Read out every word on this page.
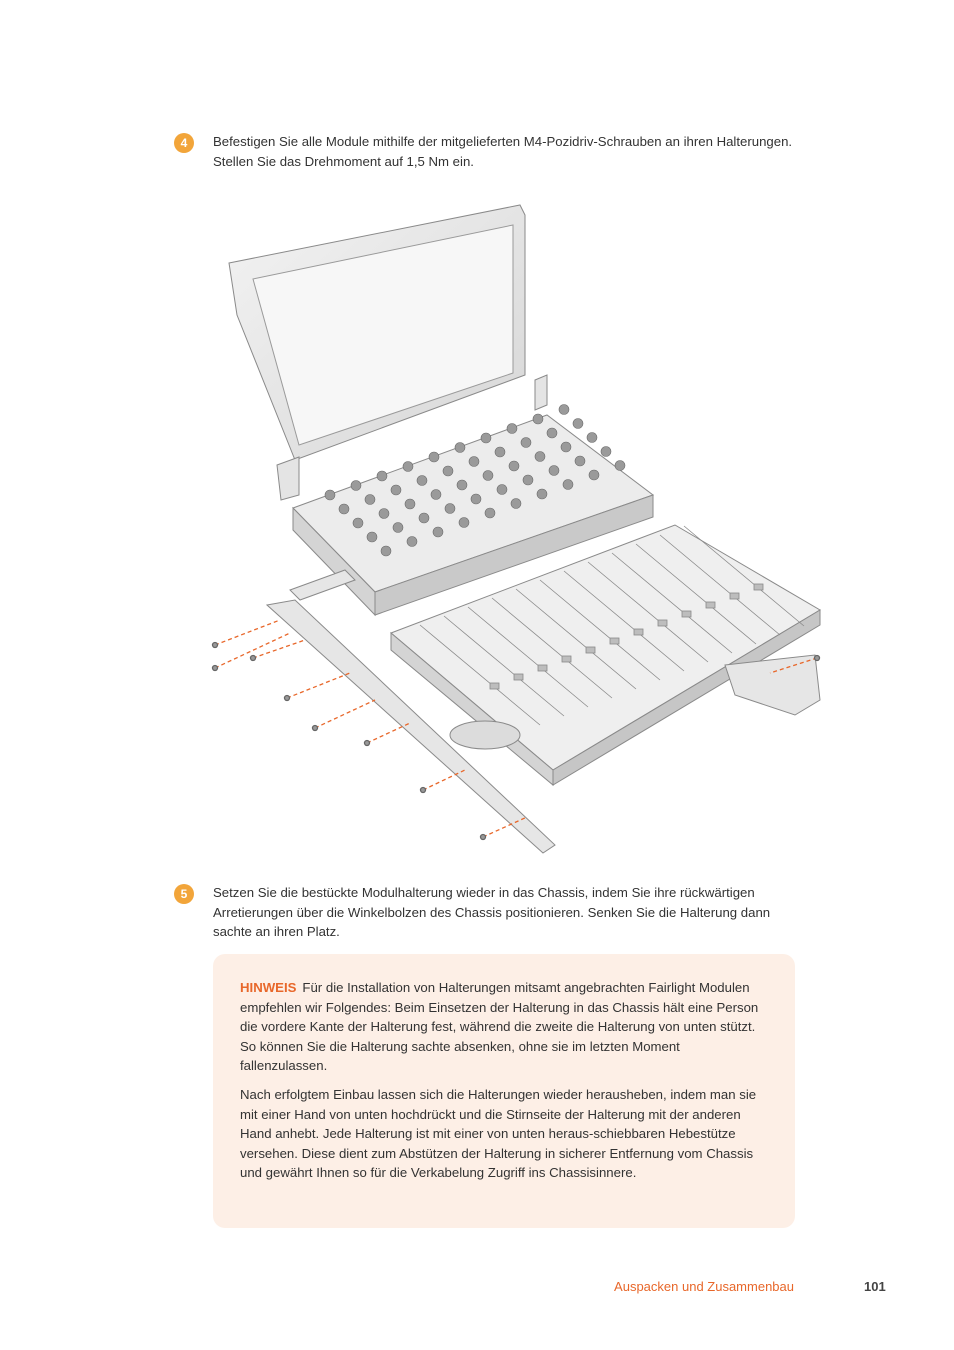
4	Befestigen Sie alle Module mithilfe der mitgelieferten M4-Pozidriv-Schrauben an ihren Halterungen. Stellen Sie das Drehmoment auf 1,5 Nm ein.
5	Setzen Sie die bestückte Modulhalterung wieder in das Chassis, indem Sie ihre rückwärtigen Arretierungen über die Winkelbolzen des Chassis positionieren. Senken Sie die Halterung dann sachte an ihren Platz.
HINWEIS Für die Installation von Halterungen mitsamt angebrachten Fairlight Modulen empfehlen wir Folgendes: Beim Einsetzen der Halterung in das Chassis hält eine Person die vordere Kante der Halterung fest, während die zweite die Halterung von unten stützt. So können Sie die Halterung sachte absenken, ohne sie im letzten Moment fallenzulassen.
Nach erfolgtem Einbau lassen sich die Halterungen wieder herausheben, indem man sie mit einer Hand von unten hochdrückt und die Stirnseite der Halterung mit der anderen Hand anhebt. Jede Halterung ist mit einer von unten heraus-schiebbaren Hebestütze versehen. Diese dient zum Abstützen der Halterung in sicherer Entfernung vom Chassis und gewährt Ihnen so für die Verkabelung Zugriff ins Chassisinnere.
Auspacken und Zusammenbau	101
